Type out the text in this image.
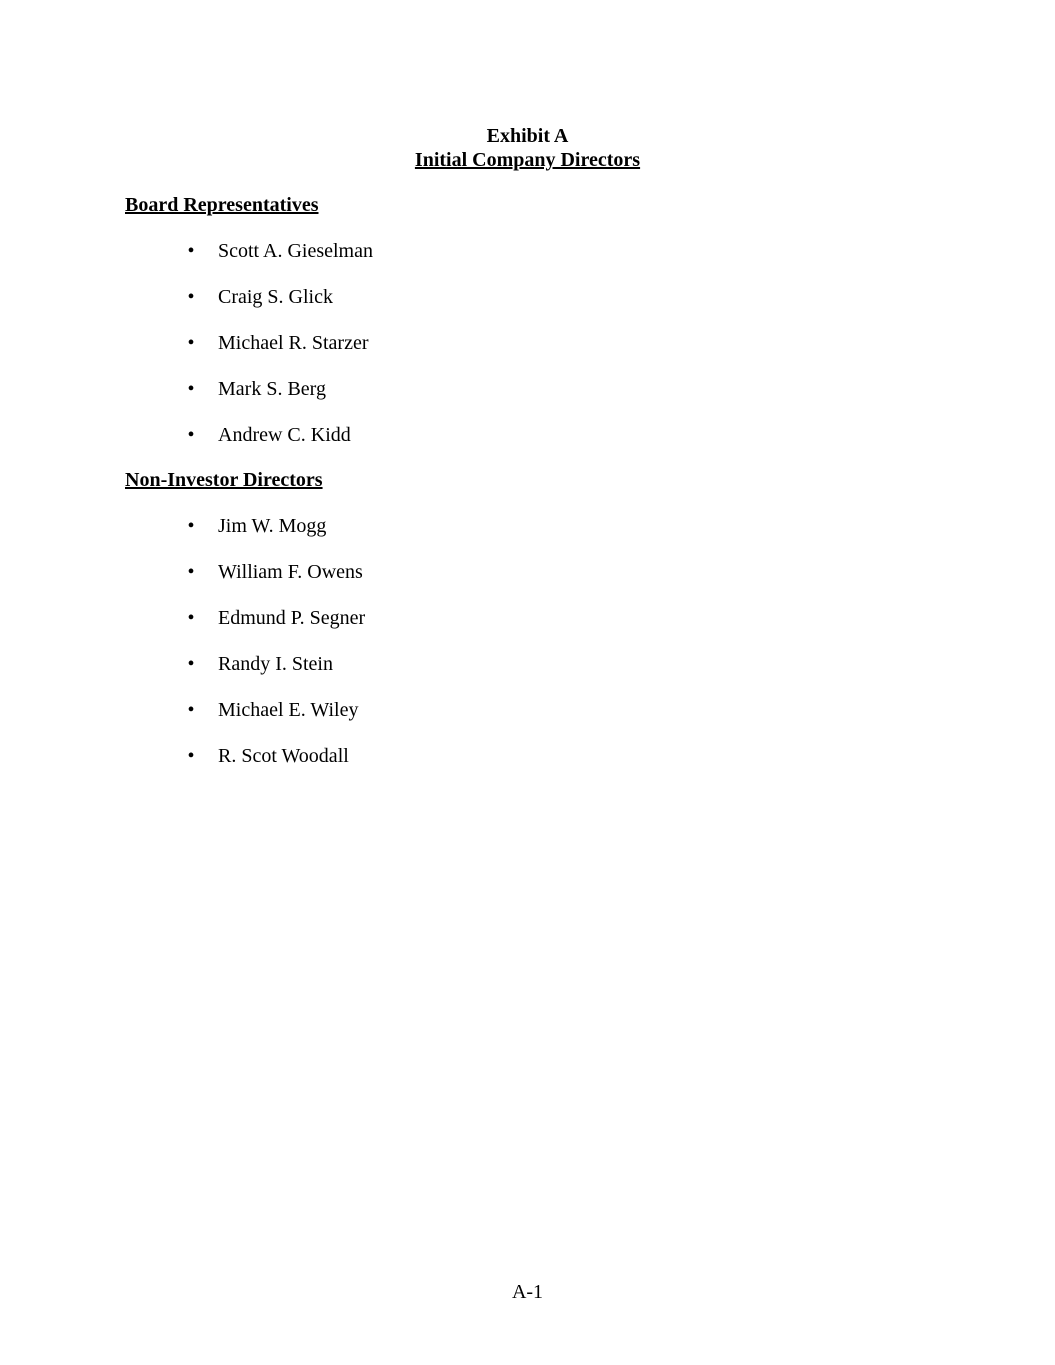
Exhibit A
Initial Company Directors
Board Representatives
• Scott A. Gieselman
• Craig S. Glick
• Michael R. Starzer
• Mark S. Berg
• Andrew C. Kidd
Non-Investor Directors
• Jim W. Mogg
• William F. Owens
• Edmund P. Segner
• Randy I. Stein
• Michael E. Wiley
• R. Scot Woodall
A-1
